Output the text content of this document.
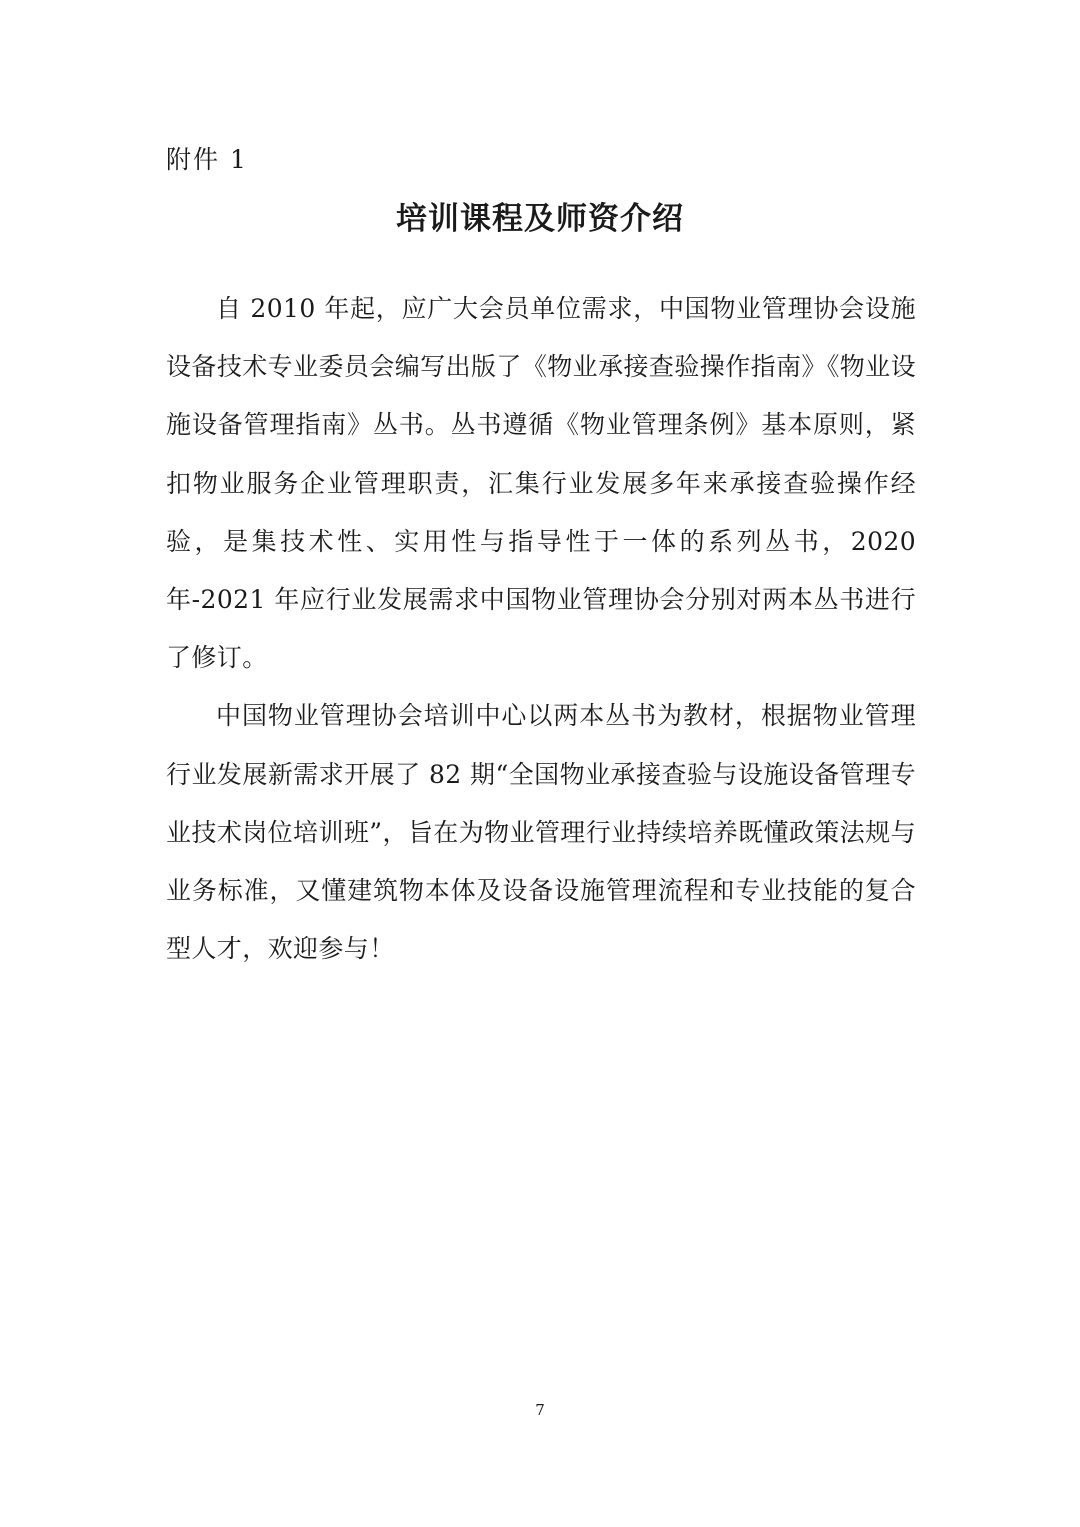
附件 1
培训课程及师资介绍

自 2010 年起，应广大会员单位需求，中国物业管理协会设施设备技术专业委员会编写出版了《物业承接查验操作指南》《物业设施设备管理指南》丛书。丛书遵循《物业管理条例》基本原则，紧扣物业服务企业管理职责，汇集行业发展多年来承接查验操作经验，是集技术性、实用性与指导性于一体的系列丛书，2020 年-2021 年应行业发展需求中国物业管理协会分别对两本丛书进行了修订。

中国物业管理协会培训中心以两本丛书为教材，根据物业管理行业发展新需求开展了 82 期“全国物业承接查验与设施设备管理专业技术岗位培训班”，旨在为物业管理行业持续培养既懂政策法规与业务标准，又懂建筑物本体及设备设施管理流程和专业技能的复合型人才，欢迎参与！

7
